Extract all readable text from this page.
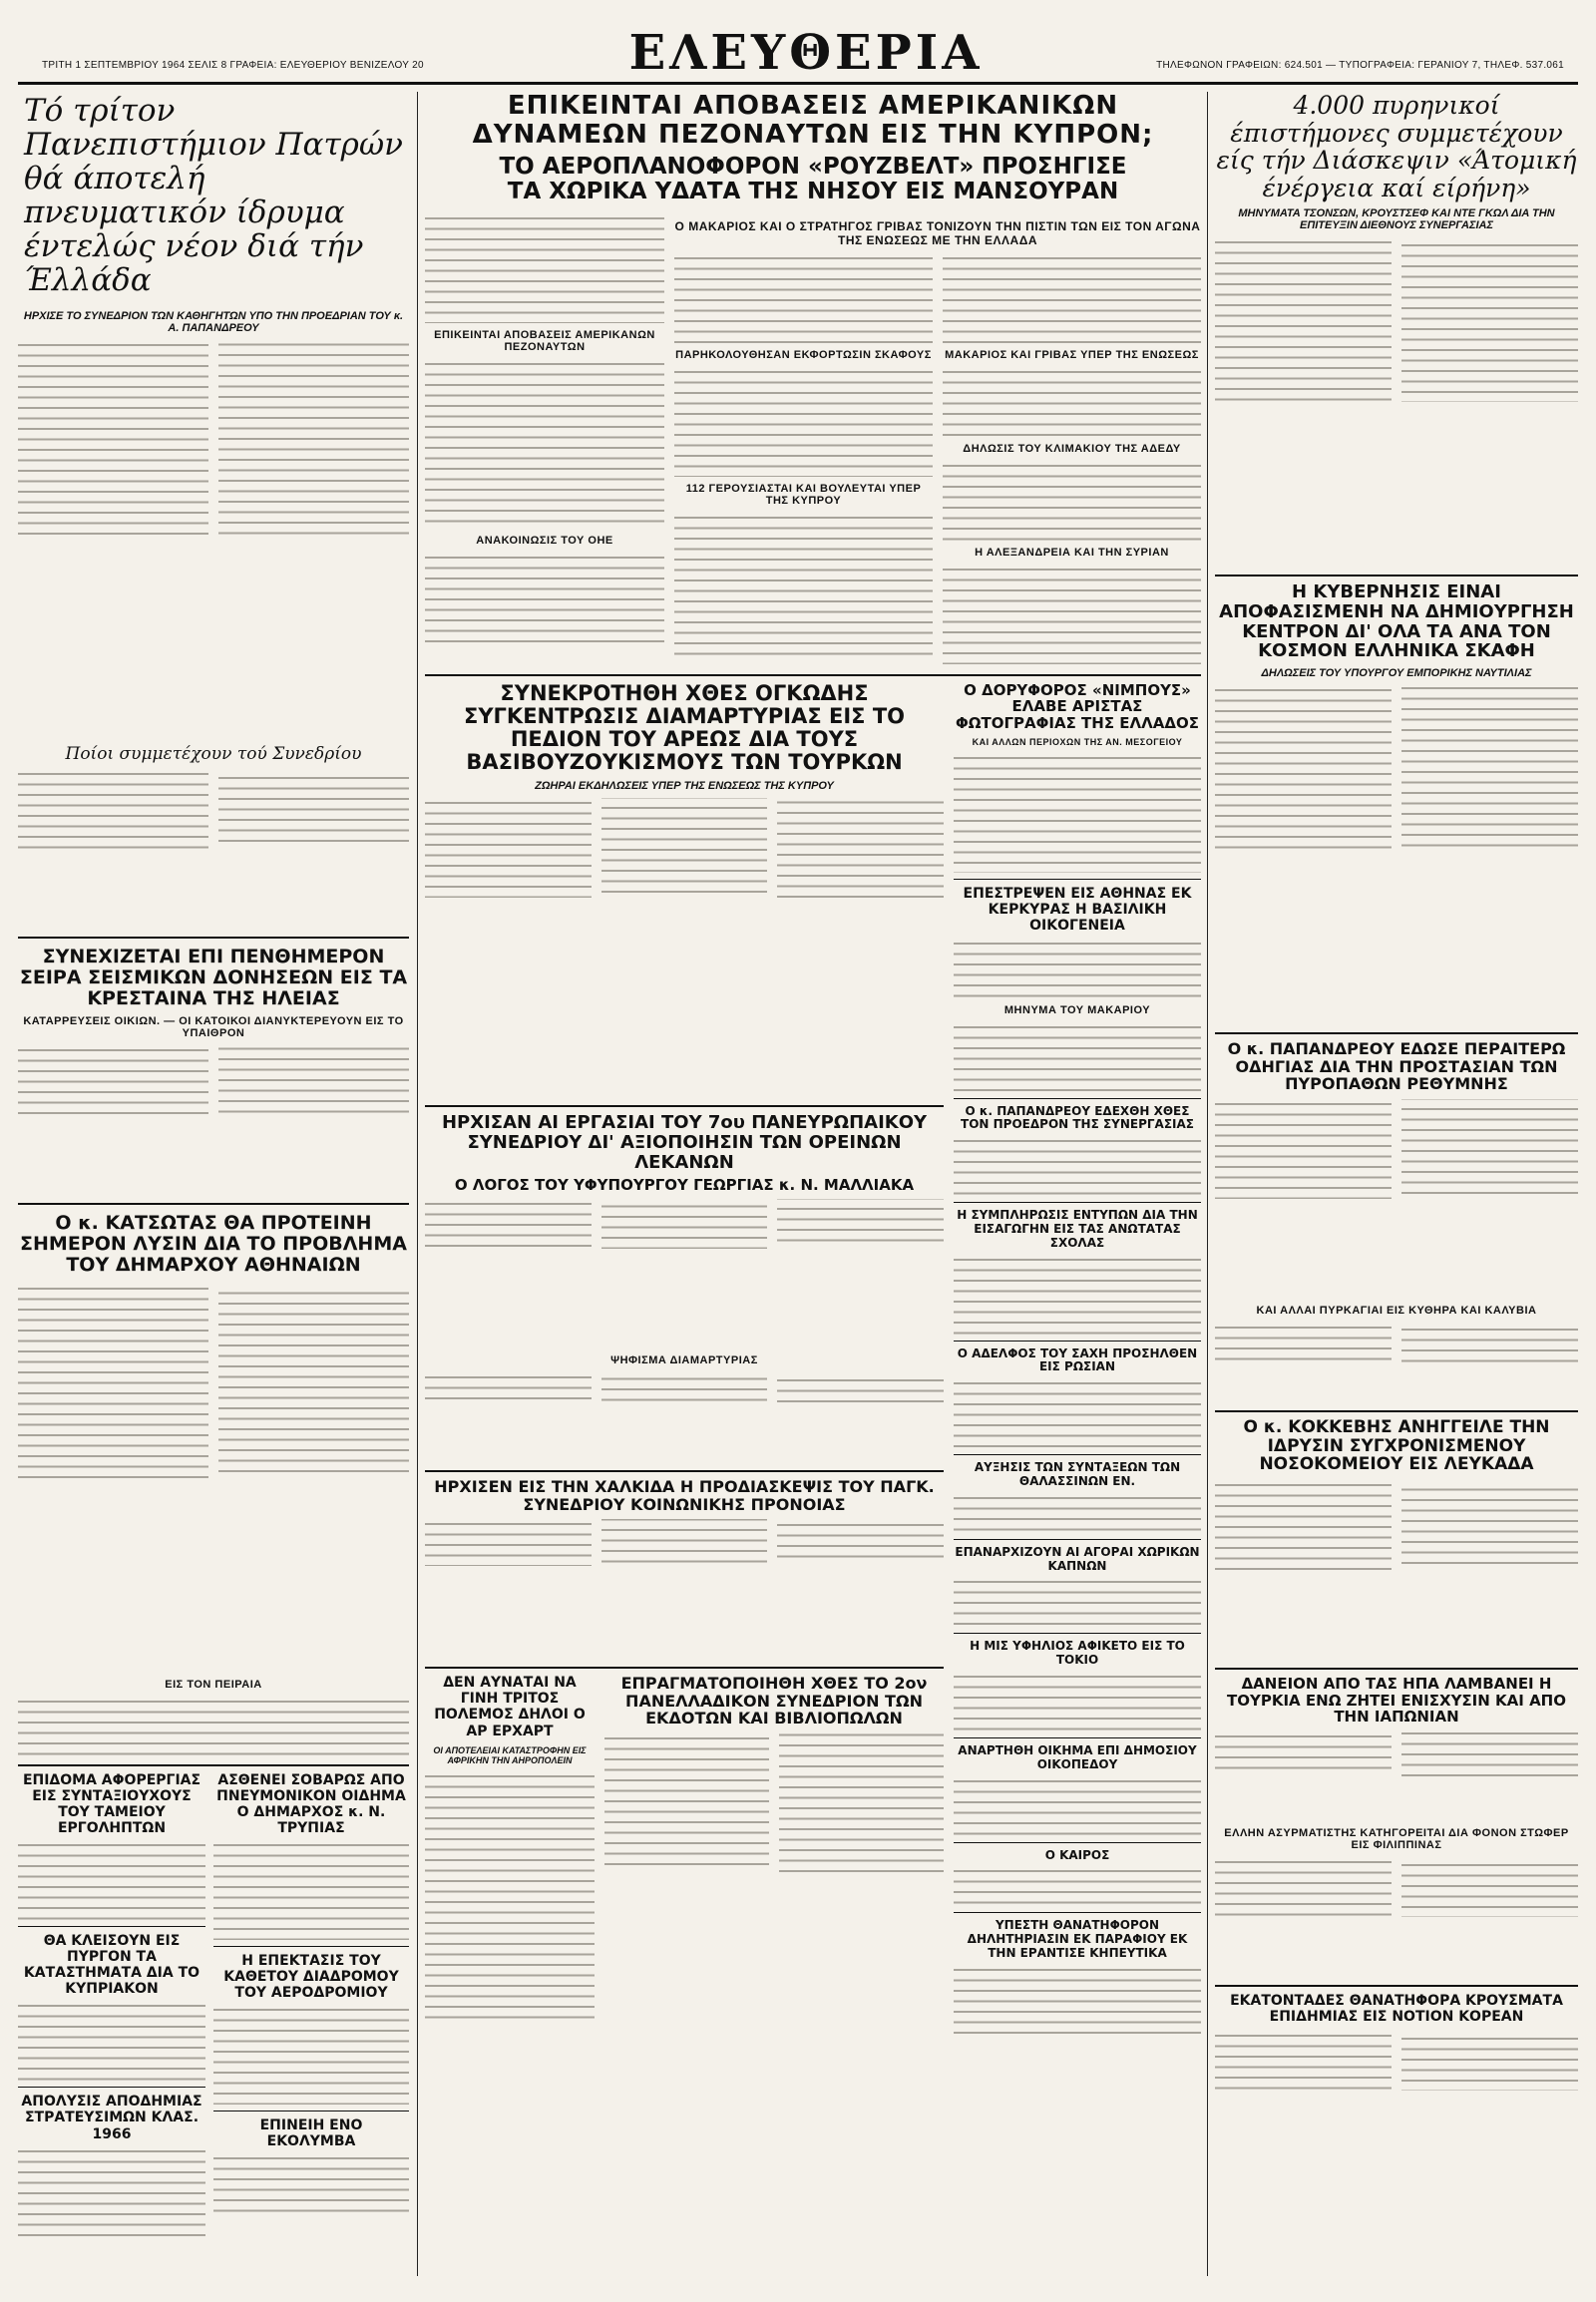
ΤΡΙΤΗ 1 ΣΕΠΤΕΜΒΡΙΟΥ 1964 ΣΕΛΙΣ 8 ΓΡΑΦΕΙΑ: ΕΛΕΥΘΕΡΙΟΥ ΒΕΝΙΖΕΛΟΥ 20	ΕΛΕΥΘΕΡΙΑ	ΤΗΛΕΦΩΝΟΝ ΓΡΑΦΕΙΩΝ: 624.501 — ΤΥΠΟΓΡΑΦΕΙΑ: ΓΕΡΑΝΙΟΥ 7, ΤΗΛΕΦ. 537.061
Τό τρίτον Πανεπιστήμιον Πατρών θά άποτελή πνευματικόν ίδρυμα έντελώς νέον διά τήν Έλλάδα
ΗΡΧΙΣΕ ΤΟ ΣΥΝΕΔΡΙΟΝ ΤΩΝ ΚΑΘΗΓΗΤΩΝ ΥΠΟ ΤΗΝ ΠΡΟΕΔΡΙΑΝ ΤΟΥ κ. Α. ΠΑΠΑΝΔΡΕΟΥ
Ποίοι συμμετέχουν τού Συνεδρίου
ΣΥΝΕΧΙΖΕΤΑΙ ΕΠΙ ΠΕΝΘΗΜΕΡΟΝ ΣΕΙΡΑ ΣΕΙΣΜΙΚΩΝ ΔΟΝΗΣΕΩΝ ΕΙΣ ΤΑ ΚΡΕΣΤΑΙΝΑ ΤΗΣ ΗΛΕΙΑΣ
ΚΑΤΑΡΡΕΥΣΕΙΣ ΟΙΚΙΩΝ. — ΟΙ ΚΑΤΟΙΚΟΙ ΔΙΑΝΥΚΤΕΡΕΥΟΥΝ ΕΙΣ ΤΟ ΥΠΑΙΘΡΟΝ
Ο κ. ΚΑΤΣΩΤΑΣ ΘΑ ΠΡΟΤΕΙΝΗ ΣΗΜΕΡΟΝ ΛΥΣΙΝ ΔΙΑ ΤΟ ΠΡΟΒΛΗΜΑ ΤΟΥ ΔΗΜΑΡΧΟΥ ΑΘΗΝΑΙΩΝ
ΕΙΣ ΤΟΝ ΠΕΙΡΑΙΑ
ΕΠΙΔΟΜΑ ΑΦΟΡΕΡΓΙΑΣ ΕΙΣ ΣΥΝΤΑΞΙΟΥΧΟΥΣ ΤΟΥ ΤΑΜΕΙΟΥ ΕΡΓΟΛΗΠΤΩΝ
ΘΑ ΚΛΕΙΣΟΥΝ ΕΙΣ ΠΥΡΓΟΝ ΤΑ ΚΑΤΑΣΤΗΜΑΤΑ ΔΙΑ ΤΟ ΚΥΠΡΙΑΚΟΝ
ΑΠΟΛΥΣΙΣ ΑΠΟΔΗΜΙΑΣ ΣΤΡΑΤΕΥΣΙΜΩΝ ΚΛΑΣ. 1966
ΑΣΘΕΝΕΙ ΣΟΒΑΡΩΣ ΑΠΟ ΠΝΕΥΜΟΝΙΚΟΝ ΟΙΔΗΜΑ Ο ΔΗΜΑΡΧΟΣ κ. Ν. ΤΡΥΠΙΑΣ
Η ΕΠΕΚΤΑΣΙΣ ΤΟΥ ΚΑΘΕΤΟΥ ΔΙΑΔΡΟΜΟΥ ΤΟΥ ΑΕΡΟΔΡΟΜΙΟΥ
ΕΠΙΝΕΙΗ ΕΝΟ ΕΚΟΛΥΜΒΑ
ΕΠΙΚΕΙΝΤΑΙ ΑΠΟΒΑΣΕΙΣ ΑΜΕΡΙΚΑΝΙΚΩΝ
ΔΥΝΑΜΕΩΝ ΠΕΖΟΝΑΥΤΩΝ ΕΙΣ ΤΗΝ ΚΥΠΡΟΝ;
ΤΟ ΑΕΡΟΠΛΑΝΟΦΟΡΟΝ «ΡΟΥΖΒΕΛΤ» ΠΡΟΣΗΓΙΣΕ
ΤΑ ΧΩΡΙΚΑ ΥΔΑΤΑ ΤΗΣ ΝΗΣΟΥ ΕΙΣ ΜΑΝΣΟΥΡΑΝ
ΕΠΙΚΕΙΝΤΑΙ ΑΠΟΒΑΣΕΙΣ ΑΜΕΡΙΚΑΝΩΝ ΠΕΖΟΝΑΥΤΩΝ
ΑΝΑΚΟΙΝΩΣΙΣ ΤΟΥ ΟΗΕ
Ο ΜΑΚΑΡΙΟΣ ΚΑΙ Ο ΣΤΡΑΤΗΓΟΣ ΓΡΙΒΑΣ ΤΟΝΙΖΟΥΝ ΤΗΝ ΠΙΣΤΙΝ ΤΩΝ ΕΙΣ ΤΟΝ ΑΓΩΝΑ ΤΗΣ ΕΝΩΣΕΩΣ ΜΕ ΤΗΝ ΕΛΛΑΔΑ
ΠΑΡΗΚΟΛΟΥΘΗΣΑΝ ΕΚΦΟΡΤΩΣΙΝ ΣΚΑΦΟΥΣ
112 ΓΕΡΟΥΣΙΑΣΤΑΙ ΚΑΙ ΒΟΥΛΕΥΤΑΙ ΥΠΕΡ ΤΗΣ ΚΥΠΡΟΥ
ΜΑΚΑΡΙΟΣ ΚΑΙ ΓΡΙΒΑΣ ΥΠΕΡ ΤΗΣ ΕΝΩΣΕΩΣ
ΔΗΛΩΣΙΣ ΤΟΥ ΚΛΙΜΑΚΙΟΥ ΤΗΣ ΑΔΕΔΥ
Η ΑΛΕΞΑΝΔΡΕΙΑ ΚΑΙ ΤΗΝ ΣΥΡΙΑΝ
ΣΥΝΕΚΡΟΤΗΘΗ ΧΘΕΣ ΟΓΚΩΔΗΣ ΣΥΓΚΕΝΤΡΩΣΙΣ ΔΙΑΜΑΡΤΥΡΙΑΣ ΕΙΣ ΤΟ ΠΕΔΙΟΝ ΤΟΥ ΑΡΕΩΣ ΔΙΑ ΤΟΥΣ ΒΑΣΙΒΟΥΖΟΥΚΙΣΜΟΥΣ ΤΩΝ ΤΟΥΡΚΩΝ
ΖΩΗΡΑΙ ΕΚΔΗΛΩΣΕΙΣ ΥΠΕΡ ΤΗΣ ΕΝΩΣΕΩΣ ΤΗΣ ΚΥΠΡΟΥ
ΗΡΧΙΣΑΝ ΑΙ ΕΡΓΑΣΙΑΙ ΤΟΥ 7ου ΠΑΝΕΥΡΩΠΑΙΚΟΥ ΣΥΝΕΔΡΙΟΥ ΔΙ' ΑΞΙΟΠΟΙΗΣΙΝ ΤΩΝ ΟΡΕΙΝΩΝ ΛΕΚΑΝΩΝ
Ο ΛΟΓΟΣ ΤΟΥ ΥΦΥΠΟΥΡΓΟΥ ΓΕΩΡΓΙΑΣ κ. Ν. ΜΑΛΛΙΑΚΑ
ΨΗΦΙΣΜΑ ΔΙΑΜΑΡΤΥΡΙΑΣ
ΗΡΧΙΣΕΝ ΕΙΣ ΤΗΝ ΧΑΛΚΙΔΑ Η ΠΡΟΔΙΑΣΚΕΨΙΣ ΤΟΥ ΠΑΓΚ. ΣΥΝΕΔΡΙΟΥ ΚΟΙΝΩΝΙΚΗΣ ΠΡΟΝΟΙΑΣ
ΔΕΝ ΑΥΝΑΤΑΙ ΝΑ ΓΙΝΗ ΤΡΙΤΟΣ ΠΟΛΕΜΟΣ ΔΗΛΟΙ Ο ΑΡ ΕΡΧΑΡΤ
ΟΙ ΑΠΟΤΕΛΕΙΑΙ ΚΑΤΑΣΤΡΟΦΗΝ ΕΙΣ ΑΦΡΙΚΗΝ ΤΗΝ ΑΗΡΟΠΟΛΕΙΝ
ΕΠΡΑΓΜΑΤΟΠΟΙΗΘΗ ΧΘΕΣ ΤΟ 2ον ΠΑΝΕΛΛΑΔΙΚΟΝ ΣΥΝΕΔΡΙΟΝ ΤΩΝ ΕΚΔΟΤΩΝ ΚΑΙ ΒΙΒΛΙΟΠΩΛΩΝ
Ο ΔΟΡΥΦΟΡΟΣ «ΝΙΜΠΟΥΣ» ΕΛΑΒΕ ΑΡΙΣΤΑΣ ΦΩΤΟΓΡΑΦΙΑΣ ΤΗΣ ΕΛΛΑΔΟΣ
ΚΑΙ ΑΛΛΩΝ ΠΕΡΙΟΧΩΝ ΤΗΣ ΑΝ. ΜΕΣΟΓΕΙΟΥ
ΕΠΕΣΤΡΕΨΕΝ ΕΙΣ ΑΘΗΝΑΣ ΕΚ ΚΕΡΚΥΡΑΣ Η ΒΑΣΙΛΙΚΗ ΟΙΚΟΓΕΝΕΙΑ
ΜΗΝΥΜΑ ΤΟΥ ΜΑΚΑΡΙΟΥ
Ο κ. ΠΑΠΑΝΔΡΕΟΥ ΕΔΕΧΘΗ ΧΘΕΣ ΤΟΝ ΠΡΟΕΔΡΟΝ ΤΗΣ ΣΥΝΕΡΓΑΣΙΑΣ
Η ΣΥΜΠΛΗΡΩΣΙΣ ΕΝΤΥΠΩΝ ΔΙΑ ΤΗΝ ΕΙΣΑΓΩΓΗΝ ΕΙΣ ΤΑΣ ΑΝΩΤΑΤΑΣ ΣΧΟΛΑΣ
Ο ΑΔΕΛΦΟΣ ΤΟΥ ΣΑΧΗ ΠΡΟΣΗΛΘΕΝ ΕΙΣ ΡΩΣΙΑΝ
ΑΥΞΗΣΙΣ ΤΩΝ ΣΥΝΤΑΞΕΩΝ ΤΩΝ ΘΑΛΑΣΣΙΝΩΝ ΕΝ.
ΕΠΑΝΑΡΧΙΖΟΥΝ ΑΙ ΑΓΟΡΑΙ ΧΩΡΙΚΩΝ ΚΑΠΝΩΝ
Η ΜΙΣ ΥΦΗΛΙΟΣ ΑΦΙΚΕΤΟ ΕΙΣ ΤΟ ΤΟΚΙΟ
ΑΝΑΡΤΗΘΗ ΟΙΚΗΜΑ ΕΠΙ ΔΗΜΟΣΙΟΥ ΟΙΚΟΠΕΔΟΥ
Ο ΚΑΙΡΟΣ
ΥΠΕΣΤΗ ΘΑΝΑΤΗΦΟΡΟΝ ΔΗΛΗΤΗΡΙΑΣΙΝ ΕΚ ΠΑΡΑΦΙΟΥ ΕΚ ΤΗΝ ΕΡΑΝΤΙΣΕ ΚΗΠΕΥΤΙΚΑ
4.000 πυρηνικοί έπιστήμονες συμμετέχουν είς τήν Διάσκεψιν «Άτομική ένέργεια καί είρήνη»
ΜΗΝΥΜΑΤΑ ΤΣΟΝΣΩΝ, ΚΡΟΥΣΤΣΕΦ ΚΑΙ ΝΤΕ ΓΚΩΛ ΔΙΑ ΤΗΝ ΕΠΙΤΕΥΞΙΝ ΔΙΕΘΝΟΥΣ ΣΥΝΕΡΓΑΣΙΑΣ
Η ΚΥΒΕΡΝΗΣΙΣ ΕΙΝΑΙ ΑΠΟΦΑΣΙΣΜΕΝΗ ΝΑ ΔΗΜΙΟΥΡΓΗΣΗ ΚΕΝΤΡΟΝ ΔΙ' ΟΛΑ ΤΑ ΑΝΑ ΤΟΝ ΚΟΣΜΟΝ ΕΛΛΗΝΙΚΑ ΣΚΑΦΗ
ΔΗΛΩΣΕΙΣ ΤΟΥ ΥΠΟΥΡΓΟΥ ΕΜΠΟΡΙΚΗΣ ΝΑΥΤΙΛΙΑΣ
Ο κ. ΠΑΠΑΝΔΡΕΟΥ ΕΔΩΣΕ ΠΕΡΑΙΤΕΡΩ ΟΔΗΓΙΑΣ ΔΙΑ ΤΗΝ ΠΡΟΣΤΑΣΙΑΝ ΤΩΝ ΠΥΡΟΠΑΘΩΝ ΡΕΘΥΜΝΗΣ
ΚΑΙ ΑΛΛΑΙ ΠΥΡΚΑΓΙΑΙ ΕΙΣ ΚΥΘΗΡΑ ΚΑΙ ΚΑΛΥΒΙΑ
Ο κ. ΚΟΚΚΕΒΗΣ ΑΝΗΓΓΕΙΛΕ ΤΗΝ ΙΔΡΥΣΙΝ ΣΥΓΧΡΟΝΙΣΜΕΝΟΥ ΝΟΣΟΚΟΜΕΙΟΥ ΕΙΣ ΛΕΥΚΑΔΑ
ΔΑΝΕΙΟΝ ΑΠΟ ΤΑΣ ΗΠΑ ΛΑΜΒΑΝΕΙ Η ΤΟΥΡΚΙΑ ΕΝΩ ΖΗΤΕΙ ΕΝΙΣΧΥΣΙΝ ΚΑΙ ΑΠΟ ΤΗΝ ΙΑΠΩΝΙΑΝ
ΕΛΛΗΝ ΑΣΥΡΜΑΤΙΣΤΗΣ ΚΑΤΗΓΟΡΕΙΤΑΙ ΔΙΑ ΦΟΝΟΝ ΣΤΩΦΕΡ ΕΙΣ ΦΙΛΙΠΠΙΝΑΣ
ΕΚΑΤΟΝΤΑΔΕΣ ΘΑΝΑΤΗΦΟΡΑ ΚΡΟΥΣΜΑΤΑ ΕΠΙΔΗΜΙΑΣ ΕΙΣ ΝΟΤΙΟΝ ΚΟΡΕΑΝ
